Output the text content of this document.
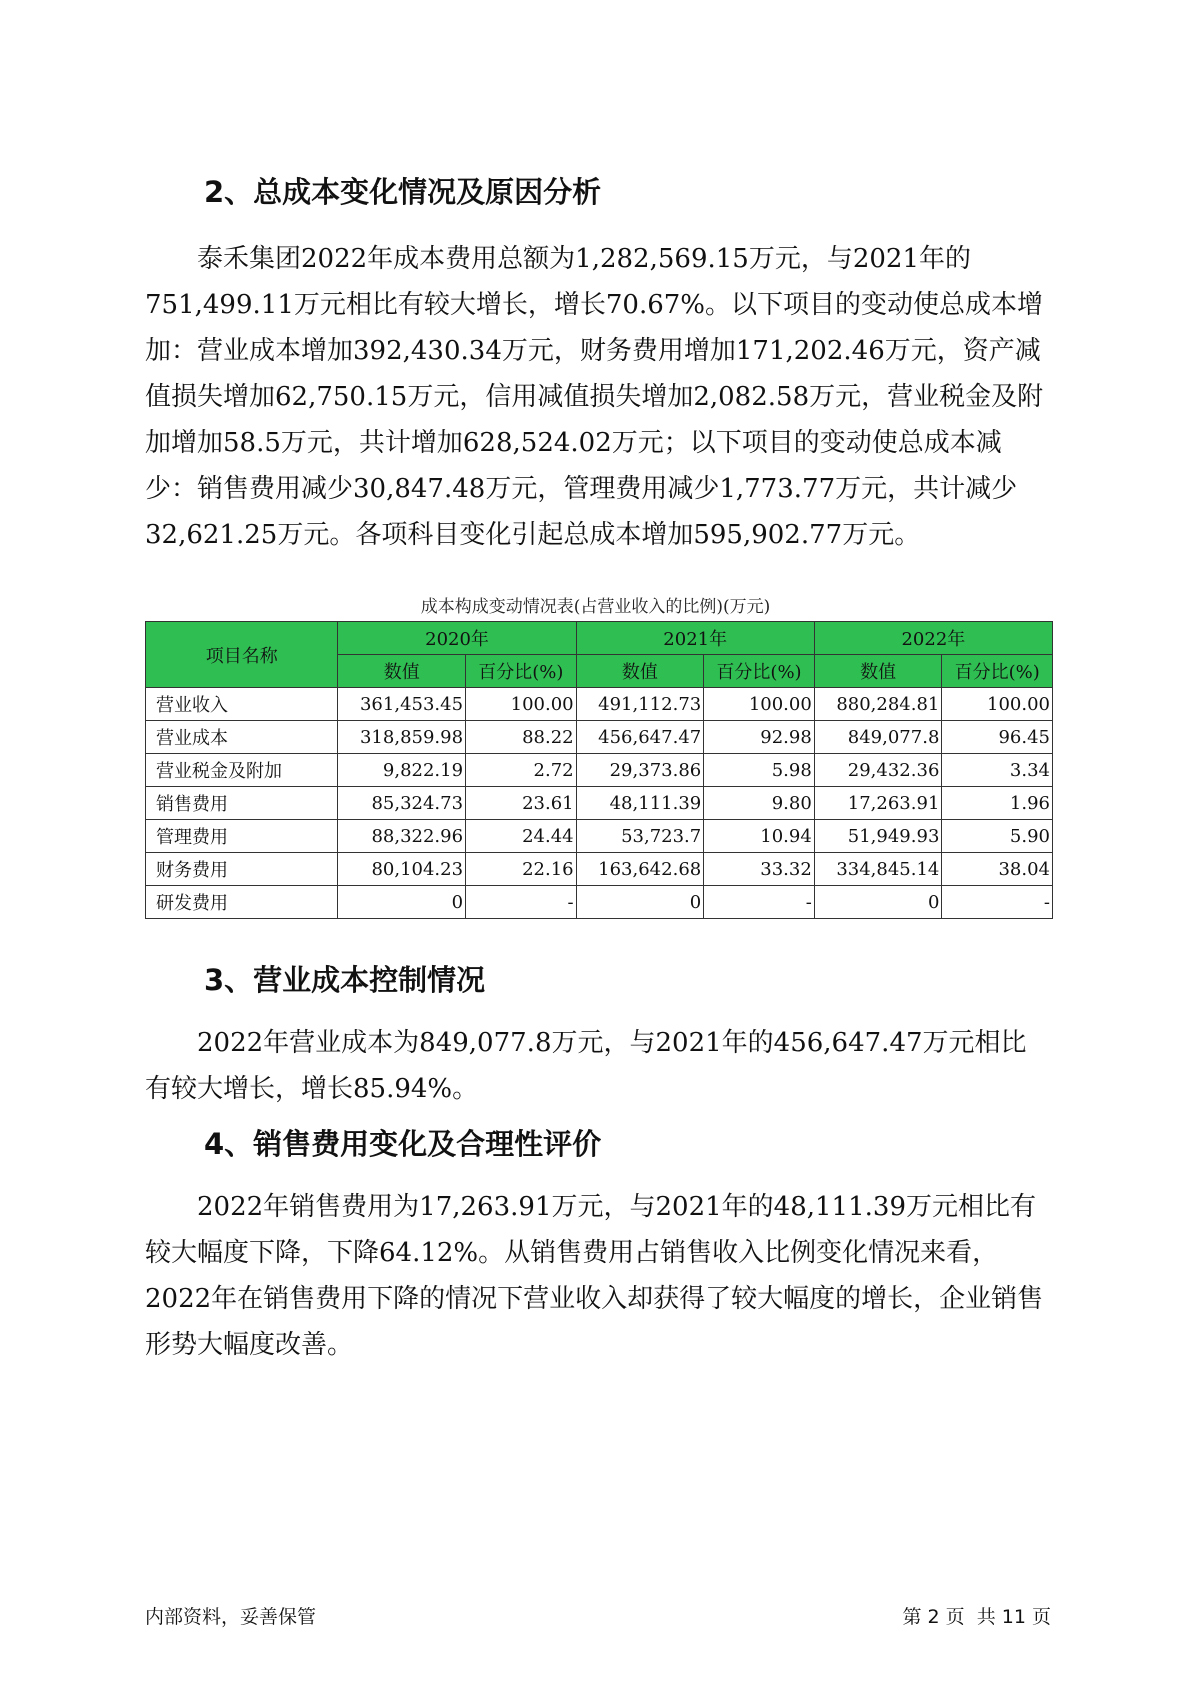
2、总成本变化情况及原因分析

泰禾集团2022年成本费用总额为1,282,569.15万元，与2021年的751,499.11万元相比有较大增长，增长70.67%。以下项目的变动使总成本增加：营业成本增加392,430.34万元，财务费用增加171,202.46万元，资产减值损失增加62,750.15万元，信用减值损失增加2,082.58万元，营业税金及附加增加58.5万元，共计增加628,524.02万元；以下项目的变动使总成本减少：销售费用减少30,847.48万元，管理费用减少1,773.77万元，共计减少32,621.25万元。各项科目变化引起总成本增加595,902.77万元。

成本构成变动情况表(占营业收入的比例)(万元)
项目名称	2020年		2021年		2022年	
	数值	百分比(%)	数值	百分比(%)	数值	百分比(%)
营业收入	361,453.45	100.00	491,112.73	100.00	880,284.81	100.00
营业成本	318,859.98	88.22	456,647.47	92.98	849,077.8	96.45
营业税金及附加	9,822.19	2.72	29,373.86	5.98	29,432.36	3.34
销售费用	85,324.73	23.61	48,111.39	9.80	17,263.91	1.96
管理费用	88,322.96	24.44	53,723.7	10.94	51,949.93	5.90
财务费用	80,104.23	22.16	163,642.68	33.32	334,845.14	38.04
研发费用	0	-	0	-	0	-
3、营业成本控制情况

2022年营业成本为849,077.8万元，与2021年的456,647.47万元相比有较大增长，增长85.94%。

4、销售费用变化及合理性评价

2022年销售费用为17,263.91万元，与2021年的48,111.39万元相比有较大幅度下降，下降64.12%。从销售费用占销售收入比例变化情况来看，2022年在销售费用下降的情况下营业收入却获得了较大幅度的增长，企业销售形势大幅度改善。

内部资料，妥善保管	第 2 页  共 11 页
